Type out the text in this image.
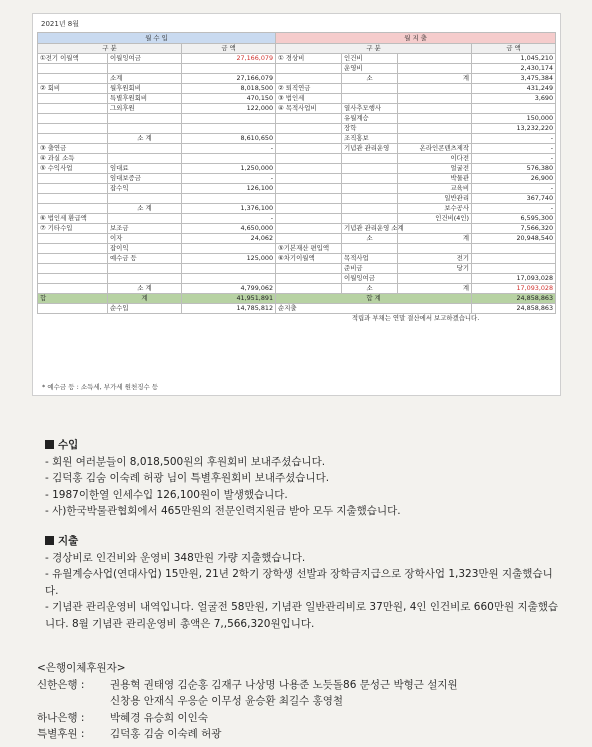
2021년 8월
월 수 입			월 지 출			
구 분		금 액	구 분			금 액
①전기 이월액	이월잉여금	27,166,079	① 경상비	인건비		1,045,210
				운영비		2,430,174
	소계	27,166,079		소	계	3,475,384
② 회비	월후원회비	8,018,500	② 퇴직연금			431,249
	특별후원회비	470,150	③ 법인세			3,690
	그외후원	122,000	④ 목적사업비	열사추모행사		
				유월계승		150,000
				장학		13,232,220
	소 계	8,610,650		조직홍보		-
③ 출연금		-		기념관 관리운영	온라인콘텐츠제작	-
④ 과실 소득					이다전	-
⑤ 수익사업	임대료	1,250,000			얼굴전	576,380
	임대보증금	-			박물관	26,900
	잡수익	126,100			교육비	-
					일반관리	367,740
	소 계	1,376,100			보수공사	-
⑥ 법인세 환급액		-			인건비(4인)	6,595,300
⑦ 기타수입	보조금	4,650,000		기념관 관리운영 소계		7,566,320
	이자	24,062		소	계	20,948,540
	잡이익		⑤기본재산 편입액			
	예수금 등	125,000	⑥차기이월액	목적사업	전기	
				준비금	당기	
				이월잉여금		17,093,028
	소 계	4,799,062		소	계	17,093,028
합	계	41,951,891	합 계			24,858,863
	순수입	14,785,812	순지출			24,858,863
			적립과 부채는 연말 결산에서 보고하겠습니다.			
* 예수금 등 : 소득세, 부가세 원천징수 등
수입
- 회원 여러분들이 8,018,500원의 후원회비 보내주셨습니다.
- 김덕홍 김숨 이숙례 허광 님이 특별후원회비 보내주셨습니다.
- 1987이한열 인세수입 126,100원이 발생했습니다.
- 사)한국박물관협회에서 465만원의 전문인력지원금 받아 모두 지출했습니다.
지출
- 경상비로 인건비와 운영비 348만원 가량 지출했습니다.
- 유월계승사업(연대사업) 15만원, 21년 2학기 장학생 선발과 장학금지급으로 장학사업 1,323만원 지출했습니다.
- 기념관 관리운영비 내역입니다. 얼굴전 58만원, 기념관 일반관리비로 37만원, 4인 인건비로 660만원 지출했습니다. 8월 기념관 관리운영비 총액은 7,,566,320원입니다.
<은행이체후원자>
신한은행 :	권용혁 권태영 김순홍 김재구 나상명 나용준 노듯돌86 문성근 박형근 설지원
신창용 안재식 우응순 이무성 윤승환 최길수 홍영철
하나은행 :	박혜경 유승희 이인숙
특별후원 :	김덕홍 김숨 이숙례 허광
